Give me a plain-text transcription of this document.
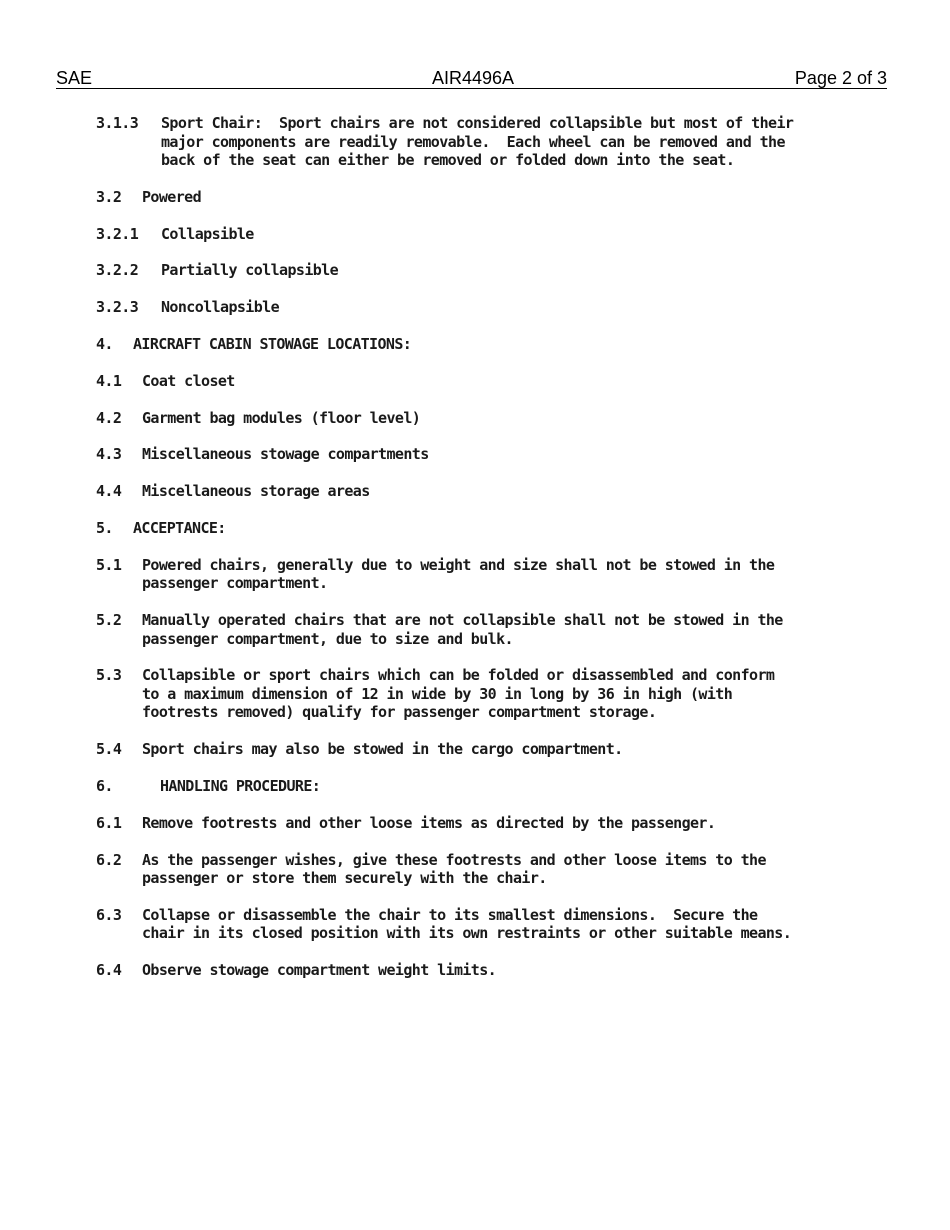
SAE	AIR4496A	Page 2 of 3
3.1.3	Sport Chair:  Sport chairs are not considered collapsible but most of their
major components are readily removable.  Each wheel can be removed and the
back of the seat can either be removed or folded down into the seat.
3.2	Powered
3.2.1	Collapsible
3.2.2	Partially collapsible
3.2.3	Noncollapsible
4.	AIRCRAFT CABIN STOWAGE LOCATIONS:
4.1	Coat closet
4.2	Garment bag modules (floor level)
4.3	Miscellaneous stowage compartments
4.4	Miscellaneous storage areas
5.	ACCEPTANCE:
5.1	Powered chairs, generally due to weight and size shall not be stowed in the
passenger compartment.
5.2	Manually operated chairs that are not collapsible shall not be stowed in the
passenger compartment, due to size and bulk.
5.3	Collapsible or sport chairs which can be folded or disassembled and conform
to a maximum dimension of 12 in wide by 30 in long by 36 in high (with
footrests removed) qualify for passenger compartment storage.
5.4	Sport chairs may also be stowed in the cargo compartment.
6.	HANDLING PROCEDURE:
6.1	Remove footrests and other loose items as directed by the passenger.
6.2	As the passenger wishes, give these footrests and other loose items to the
passenger or store them securely with the chair.
6.3	Collapse or disassemble the chair to its smallest dimensions.  Secure the
chair in its closed position with its own restraints or other suitable means.
6.4	Observe stowage compartment weight limits.
